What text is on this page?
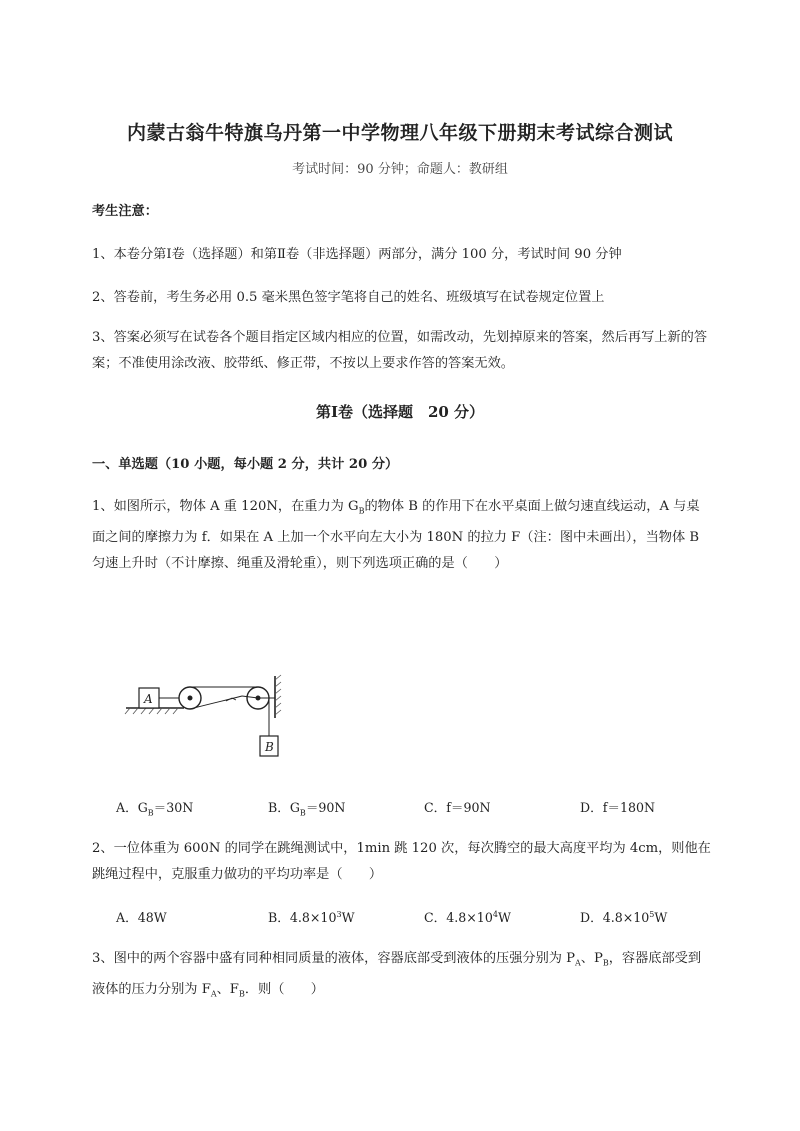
内蒙古翁牛特旗乌丹第一中学物理八年级下册期末考试综合测试
考试时间：90 分钟；命题人：教研组
考生注意：
1、本卷分第Ⅰ卷（选择题）和第Ⅱ卷（非选择题）两部分，满分 100 分，考试时间 90 分钟
2、答卷前，考生务必用 0.5 毫米黑色签字笔将自己的姓名、班级填写在试卷规定位置上
3、答案必须写在试卷各个题目指定区域内相应的位置，如需改动，先划掉原来的答案，然后再写上新的答案；不准使用涂改液、胶带纸、修正带，不按以上要求作答的答案无效。
第Ⅰ卷（选择题　20 分）
一、单选题（10 小题，每小题 2 分，共计 20 分）
1、如图所示，物体 A 重 120N，在重力为 $G_B$的物体 B 的作用下在水平桌面上做匀速直线运动，A 与桌面之间的摩擦力为 f．如果在 A 上加一个水平向左大小为 180N 的拉力 F（注：图中未画出），当物体 B 匀速上升时（不计摩擦、绳重及滑轮重），则下列选项正确的是（　　）
A
B
A．$G_B=30N$	B．$G_B=90N$	C．f＝90N	D．f＝180N
2、一位体重为 600N 的同学在跳绳测试中，1min 跳 120 次，每次腾空的最大高度平均为 4cm，则他在跳绳过程中，克服重力做功的平均功率是（　　）
A．48W	B．$4.8\times 10^3W$	C．$4.8\times 10^4W$	D．$4.8\times 10^5W$
3、图中的两个容器中盛有同种相同质量的液体，容器底部受到液体的压强分别为 $P_A$、$P_B$，容器底部受到液体的压力分别为 $F_A$、$F_B$．则（　　）
